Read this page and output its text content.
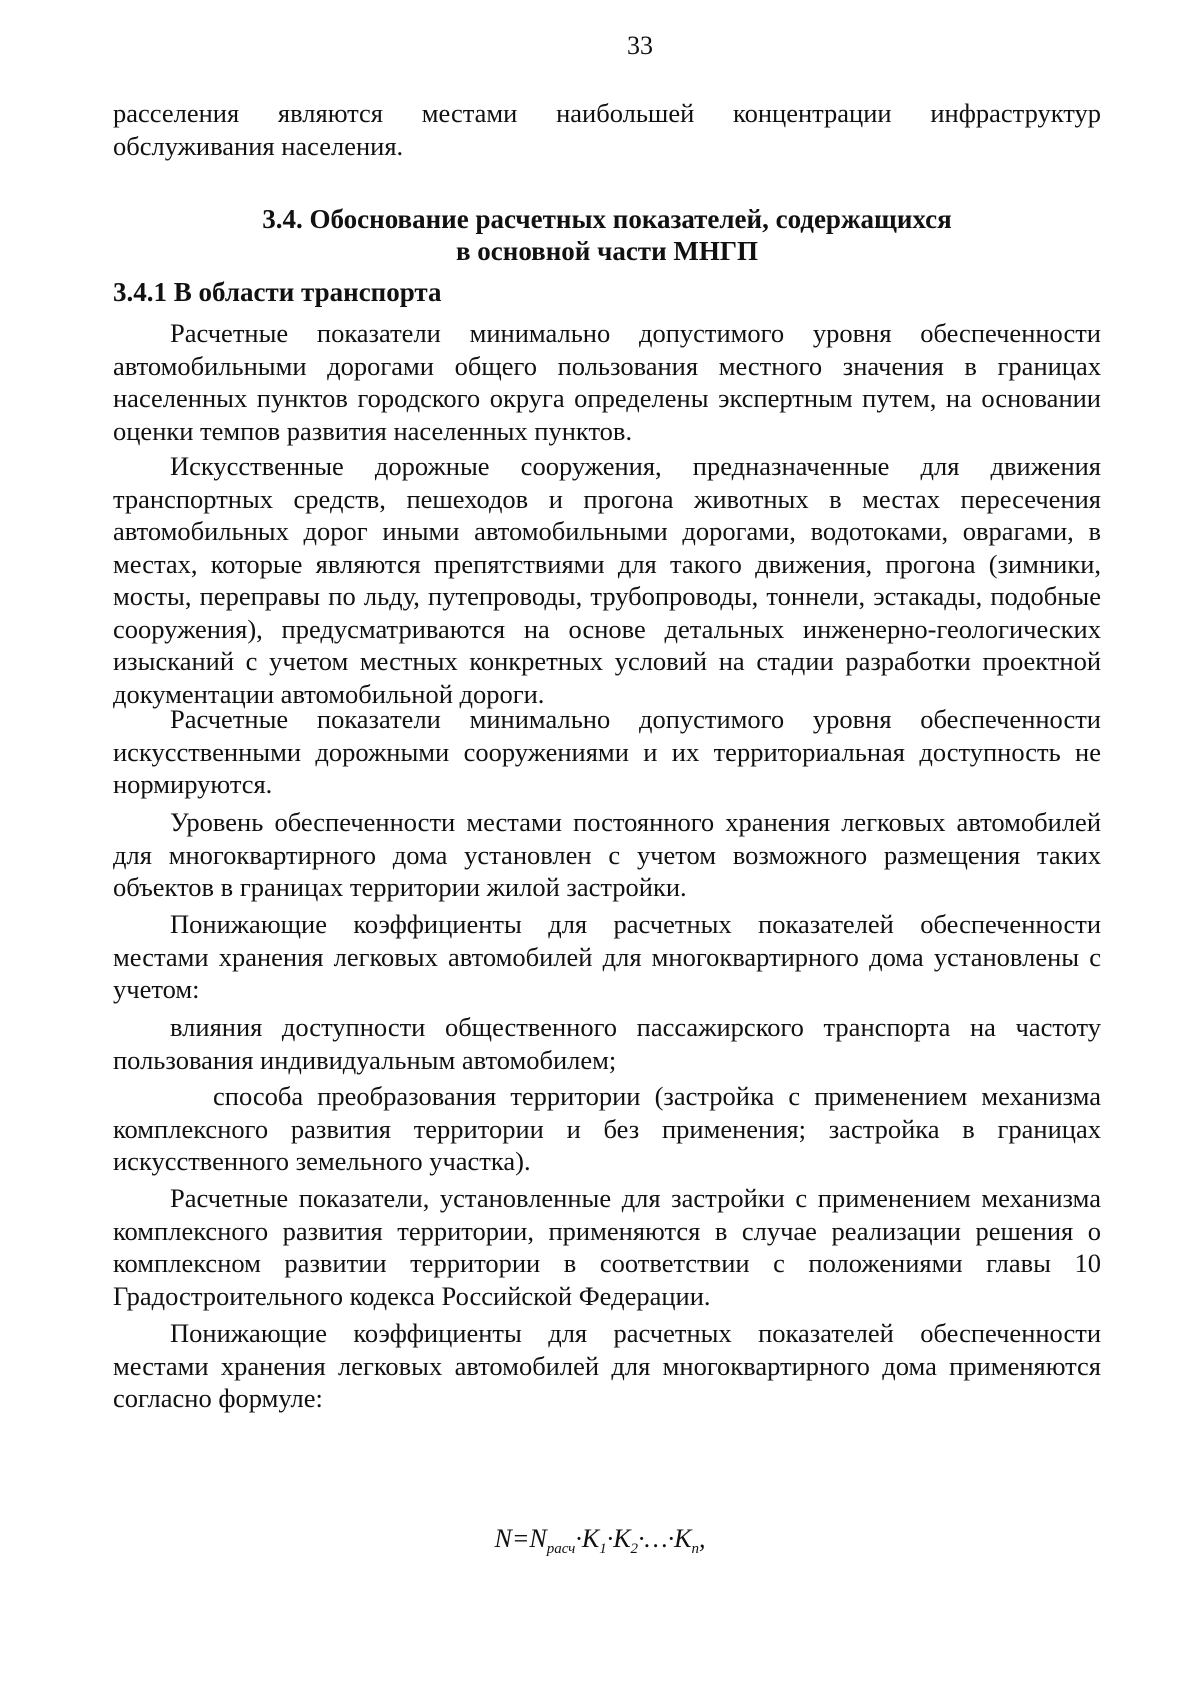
33

расселения являются местами наибольшей концентрации инфраструктур обслуживания населения.

3.4. Обоснование расчетных показателей, содержащихся
в основной части МНГП
3.4.1 В области транспорта

Расчетные показатели минимально допустимого уровня обеспеченности автомобильными дорогами общего пользования местного значения в границах населенных пунктов городского округа определены экспертным путем, на основании оценки темпов развития населенных пунктов.

Искусственные дорожные сооружения, предназначенные для движения транспортных средств, пешеходов и прогона животных в местах пересечения автомобильных дорог иными автомобильными дорогами, водотоками, оврагами, в местах, которые являются препятствиями для такого движения, прогона (зимники, мосты, переправы по льду, путепроводы, трубопроводы, тоннели, эстакады, подобные сооружения), предусматриваются на основе детальных инженерно-геологических изысканий с учетом местных конкретных условий на стадии разработки проектной документации автомобильной дороги.

Расчетные показатели минимально допустимого уровня обеспеченности искусственными дорожными сооружениями и их территориальная доступность не нормируются.

Уровень обеспеченности местами постоянного хранения легковых автомобилей для многоквартирного дома установлен с учетом возможного размещения таких объектов в границах территории жилой застройки.

Понижающие коэффициенты для расчетных показателей обеспеченности местами хранения легковых автомобилей для многоквартирного дома установлены с учетом:

влияния доступности общественного пассажирского транспорта на частоту пользования индивидуальным автомобилем;

способа преобразования территории (застройка с применением механизма комплексного развития территории и без применения; застройка в границах искусственного земельного участка).

Расчетные показатели, установленные для застройки с применением механизма комплексного развития территории, применяются в случае реализации решения о комплексном развитии территории в соответствии с положениями главы 10 Градостроительного кодекса Российской Федерации.

Понижающие коэффициенты для расчетных показателей обеспеченности местами хранения легковых автомобилей для многоквартирного дома применяются согласно формуле:

$N=N_{расч}\cdot K_1\cdot K_2\cdot\dots\cdot K_n$,
